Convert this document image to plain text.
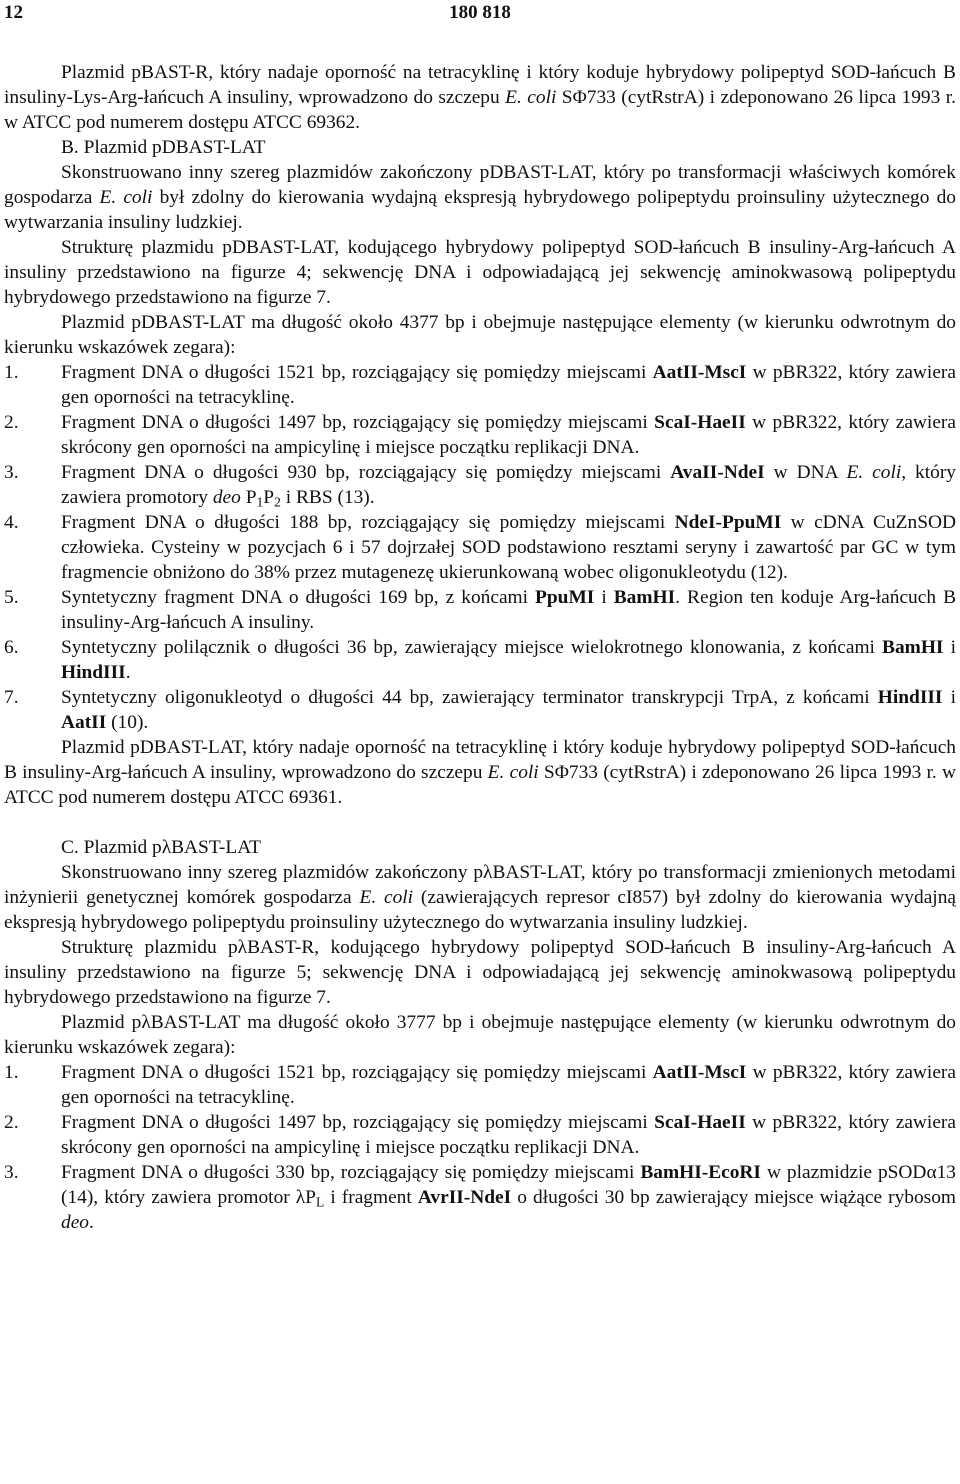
12	180 818

Plazmid pBAST-R, który nadaje oporność na tetracyklinę i który koduje hybrydowy polipeptyd SOD-łańcuch B insuliny-Lys-Arg-łańcuch A insuliny, wprowadzono do szczepu E. coli SΦ733 (cytRstrA) i zdeponowano 26 lipca 1993 r. w ATCC pod numerem dostępu ATCC 69362.

B. Plazmid pDBAST-LAT

Skonstruowano inny szereg plazmidów zakończony pDBAST-LAT, który po transformacji właściwych komórek gospodarza E. coli był zdolny do kierowania wydajną ekspresją hybrydowego polipeptydu proinsuliny użytecznego do wytwarzania insuliny ludzkiej.

Strukturę plazmidu pDBAST-LAT, kodującego hybrydowy polipeptyd SOD-łańcuch B insuliny-Arg-łańcuch A insuliny przedstawiono na figurze 4; sekwencję DNA i odpowiadającą jej sekwencję aminokwasową polipeptydu hybrydowego przedstawiono na figurze 7.

Plazmid pDBAST-LAT ma długość około 4377 bp i obejmuje następujące elementy (w kierunku odwrotnym do kierunku wskazówek zegara):

1. Fragment DNA o długości 1521 bp, rozciągający się pomiędzy miejscami AatII-MscI w pBR322, który zawiera gen oporności na tetracyklinę.
2. Fragment DNA o długości 1497 bp, rozciągający się pomiędzy miejscami ScaI-HaeII w pBR322, który zawiera skrócony gen oporności na ampicylinę i miejsce początku replikacji DNA.
3. Fragment DNA o długości 930 bp, rozciągający się pomiędzy miejscami AvaII-NdeI w DNA E. coli, który zawiera promotory deo $P_1P_2$ i RBS (13).
4. Fragment DNA o długości 188 bp, rozciągający się pomiędzy miejscami NdeI-PpuMI w cDNA CuZnSOD człowieka. Cysteiny w pozycjach 6 i 57 dojrzałej SOD podstawiono resztami seryny i zawartość par GC w tym fragmencie obniżono do 38% przez mutagenezę ukierunkowaną wobec oligonukleotydu (12).
5. Syntetyczny fragment DNA o długości 169 bp, z końcami PpuMI i BamHI. Region ten koduje Arg-łańcuch B insuliny-Arg-łańcuch A insuliny.
6. Syntetyczny polilącznik o długości 36 bp, zawierający miejsce wielokrotnego klonowania, z końcami BamHI i HindIII.
7. Syntetyczny oligonukleotyd o długości 44 bp, zawierający terminator transkrypcji TrpA, z końcami HindIII i AatII (10).

Plazmid pDBAST-LAT, który nadaje oporność na tetracyklinę i który koduje hybrydowy polipeptyd SOD-łańcuch B insuliny-Arg-łańcuch A insuliny, wprowadzono do szczepu E. coli SΦ733 (cytRstrA) i zdeponowano 26 lipca 1993 r. w ATCC pod numerem dostępu ATCC 69361.

C. Plazmid pλBAST-LAT

Skonstruowano inny szereg plazmidów zakończony pλBAST-LAT, który po transformacji zmienionych metodami inżynierii genetycznej komórek gospodarza E. coli (zawierających represor cI857) był zdolny do kierowania wydajną ekspresją hybrydowego polipeptydu proinsuliny użytecznego do wytwarzania insuliny ludzkiej.

Strukturę plazmidu pλBAST-R, kodującego hybrydowy polipeptyd SOD-łańcuch B insuliny-Arg-łańcuch A insuliny przedstawiono na figurze 5; sekwencję DNA i odpowiadającą jej sekwencję aminokwasową polipeptydu hybrydowego przedstawiono na figurze 7.

Plazmid pλBAST-LAT ma długość około 3777 bp i obejmuje następujące elementy (w kierunku odwrotnym do kierunku wskazówek zegara):

1. Fragment DNA o długości 1521 bp, rozciągający się pomiędzy miejscami AatII-MscI w pBR322, który zawiera gen oporności na tetracyklinę.
2. Fragment DNA o długości 1497 bp, rozciągający się pomiędzy miejscami ScaI-HaeII w pBR322, który zawiera skrócony gen oporności na ampicylinę i miejsce początku replikacji DNA.
3. Fragment DNA o długości 330 bp, rozciągający się pomiędzy miejscami BamHI-EcoRI w plazmidzie pSODα13 (14), który zawiera promotor $\lambda P_L$ i fragment AvrII-NdeI o długości 30 bp zawierający miejsce wiążące rybosom deo.
